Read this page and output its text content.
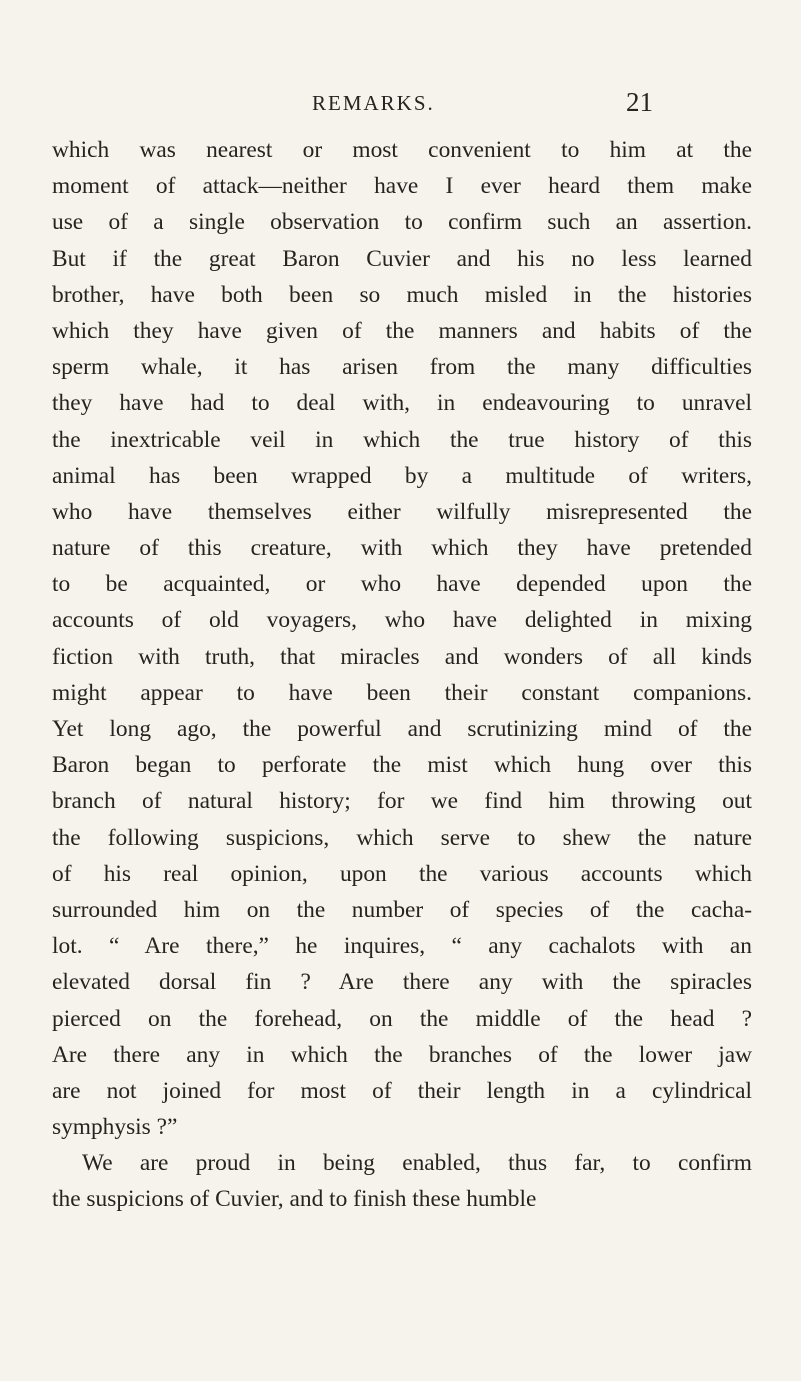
REMARKS.	21
which was nearest or most convenient to him at the
moment of attack—neither have I ever heard them make
use of a single observation to confirm such an assertion.
But if the great Baron Cuvier and his no less learned
brother, have both been so much misled in the histories
which they have given of the manners and habits of the
sperm whale, it has arisen from the many difficulties
they have had to deal with, in endeavouring to unravel
the inextricable veil in which the true history of this
animal has been wrapped by a multitude of writers,
who have themselves either wilfully misrepresented the
nature of this creature, with which they have pretended
to be acquainted, or who have depended upon the
accounts of old voyagers, who have delighted in mixing
fiction with truth, that miracles and wonders of all kinds
might appear to have been their constant companions.
Yet long ago, the powerful and scrutinizing mind of the
Baron began to perforate the mist which hung over this
branch of natural history; for we find him throwing out
the following suspicions, which serve to shew the nature
of his real opinion, upon the various accounts which
surrounded him on the number of species of the cacha-
lot. “ Are there,” he inquires, “ any cachalots with an
elevated dorsal fin ? Are there any with the spiracles
pierced on the forehead, on the middle of the head ?
Are there any in which the branches of the lower jaw
are not joined for most of their length in a cylindrical
symphysis ?”
We are proud in being enabled, thus far, to confirm
the suspicions of Cuvier, and to finish these humble
